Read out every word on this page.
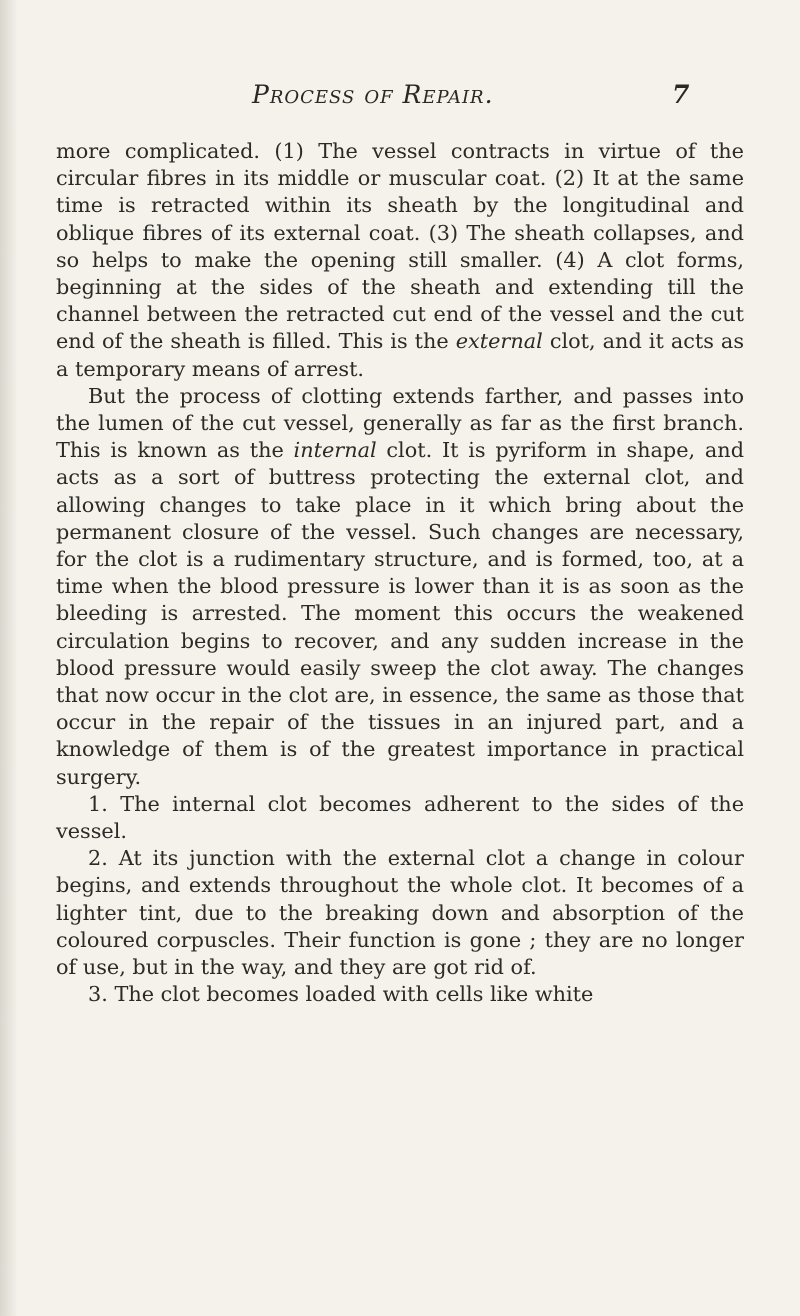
Process of Repair.	7

more complicated. (1) The vessel contracts in virtue of the circular fibres in its middle or muscular coat. (2) It at the same time is retracted within its sheath by the longitudinal and oblique fibres of its external coat. (3) The sheath collapses, and so helps to make the opening still smaller. (4) A clot forms, beginning at the sides of the sheath and extending till the channel between the retracted cut end of the vessel and the cut end of the sheath is filled. This is the external clot, and it acts as a temporary means of arrest.

But the process of clotting extends farther, and passes into the lumen of the cut vessel, generally as far as the first branch. This is known as the internal clot. It is pyriform in shape, and acts as a sort of buttress protecting the external clot, and allowing changes to take place in it which bring about the permanent closure of the vessel. Such changes are necessary, for the clot is a rudimentary structure, and is formed, too, at a time when the blood pressure is lower than it is as soon as the bleeding is arrested. The moment this occurs the weakened circulation begins to recover, and any sudden increase in the blood pressure would easily sweep the clot away. The changes that now occur in the clot are, in essence, the same as those that occur in the repair of the tissues in an injured part, and a knowledge of them is of the greatest importance in practical surgery.

1. The internal clot becomes adherent to the sides of the vessel.

2. At its junction with the external clot a change in colour begins, and extends throughout the whole clot. It becomes of a lighter tint, due to the breaking down and absorption of the coloured corpuscles. Their function is gone ; they are no longer of use, but in the way, and they are got rid of.

3. The clot becomes loaded with cells like white
